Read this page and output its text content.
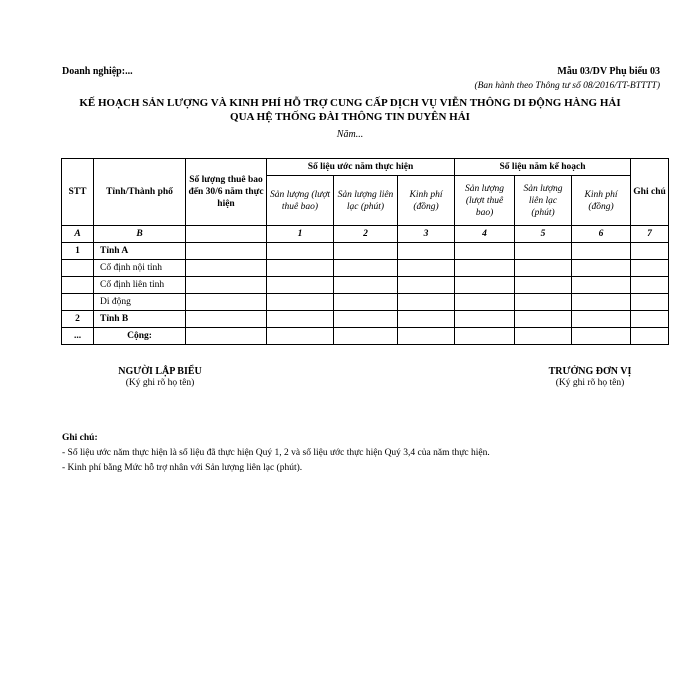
Doanh nghiệp:...	Mẫu 03/DV Phụ biểu 03
(Ban hành theo Thông tư số 08/2016/TT-BTTTT)
KẾ HOẠCH SẢN LƯỢNG VÀ KINH PHÍ HỖ TRỢ CUNG CẤP DỊCH VỤ VIỄN THÔNG DI ĐỘNG HÀNG HẢI
QUA HỆ THỐNG ĐÀI THÔNG TIN DUYÊN HẢI
Năm...
STT	Tỉnh/Thành phố	Số lượng thuê bao đến 30/6 năm thực hiện	Số liệu ước năm thực hiện			Số liệu năm kế hoạch			Ghi chú
			Sản lượng (lượt thuê bao)	Sản lượng liên lạc (phút)	Kinh phí (đồng)	Sản lượng (lượt thuê bao)	Sản lượng liên lạc (phút)	Kinh phí (đồng)	
A	B		1	2	3	4	5	6	7
1	Tỉnh A								
	Cố định nội tỉnh								
	Cố định liên tỉnh								
	Di động								
2	Tỉnh B								
...	Cộng:								
NGƯỜI LẬP BIỂU
(Ký ghi rõ họ tên)
TRƯỞNG ĐƠN VỊ
(Ký ghi rõ họ tên)
Ghi chú:
- Số liệu ước năm thực hiện là số liệu đã thực hiện Quý 1, 2 và số liệu ước thực hiện Quý 3,4 của năm thực hiện.
- Kinh phí bằng Mức hỗ trợ nhân với Sản lượng liên lạc (phút).
